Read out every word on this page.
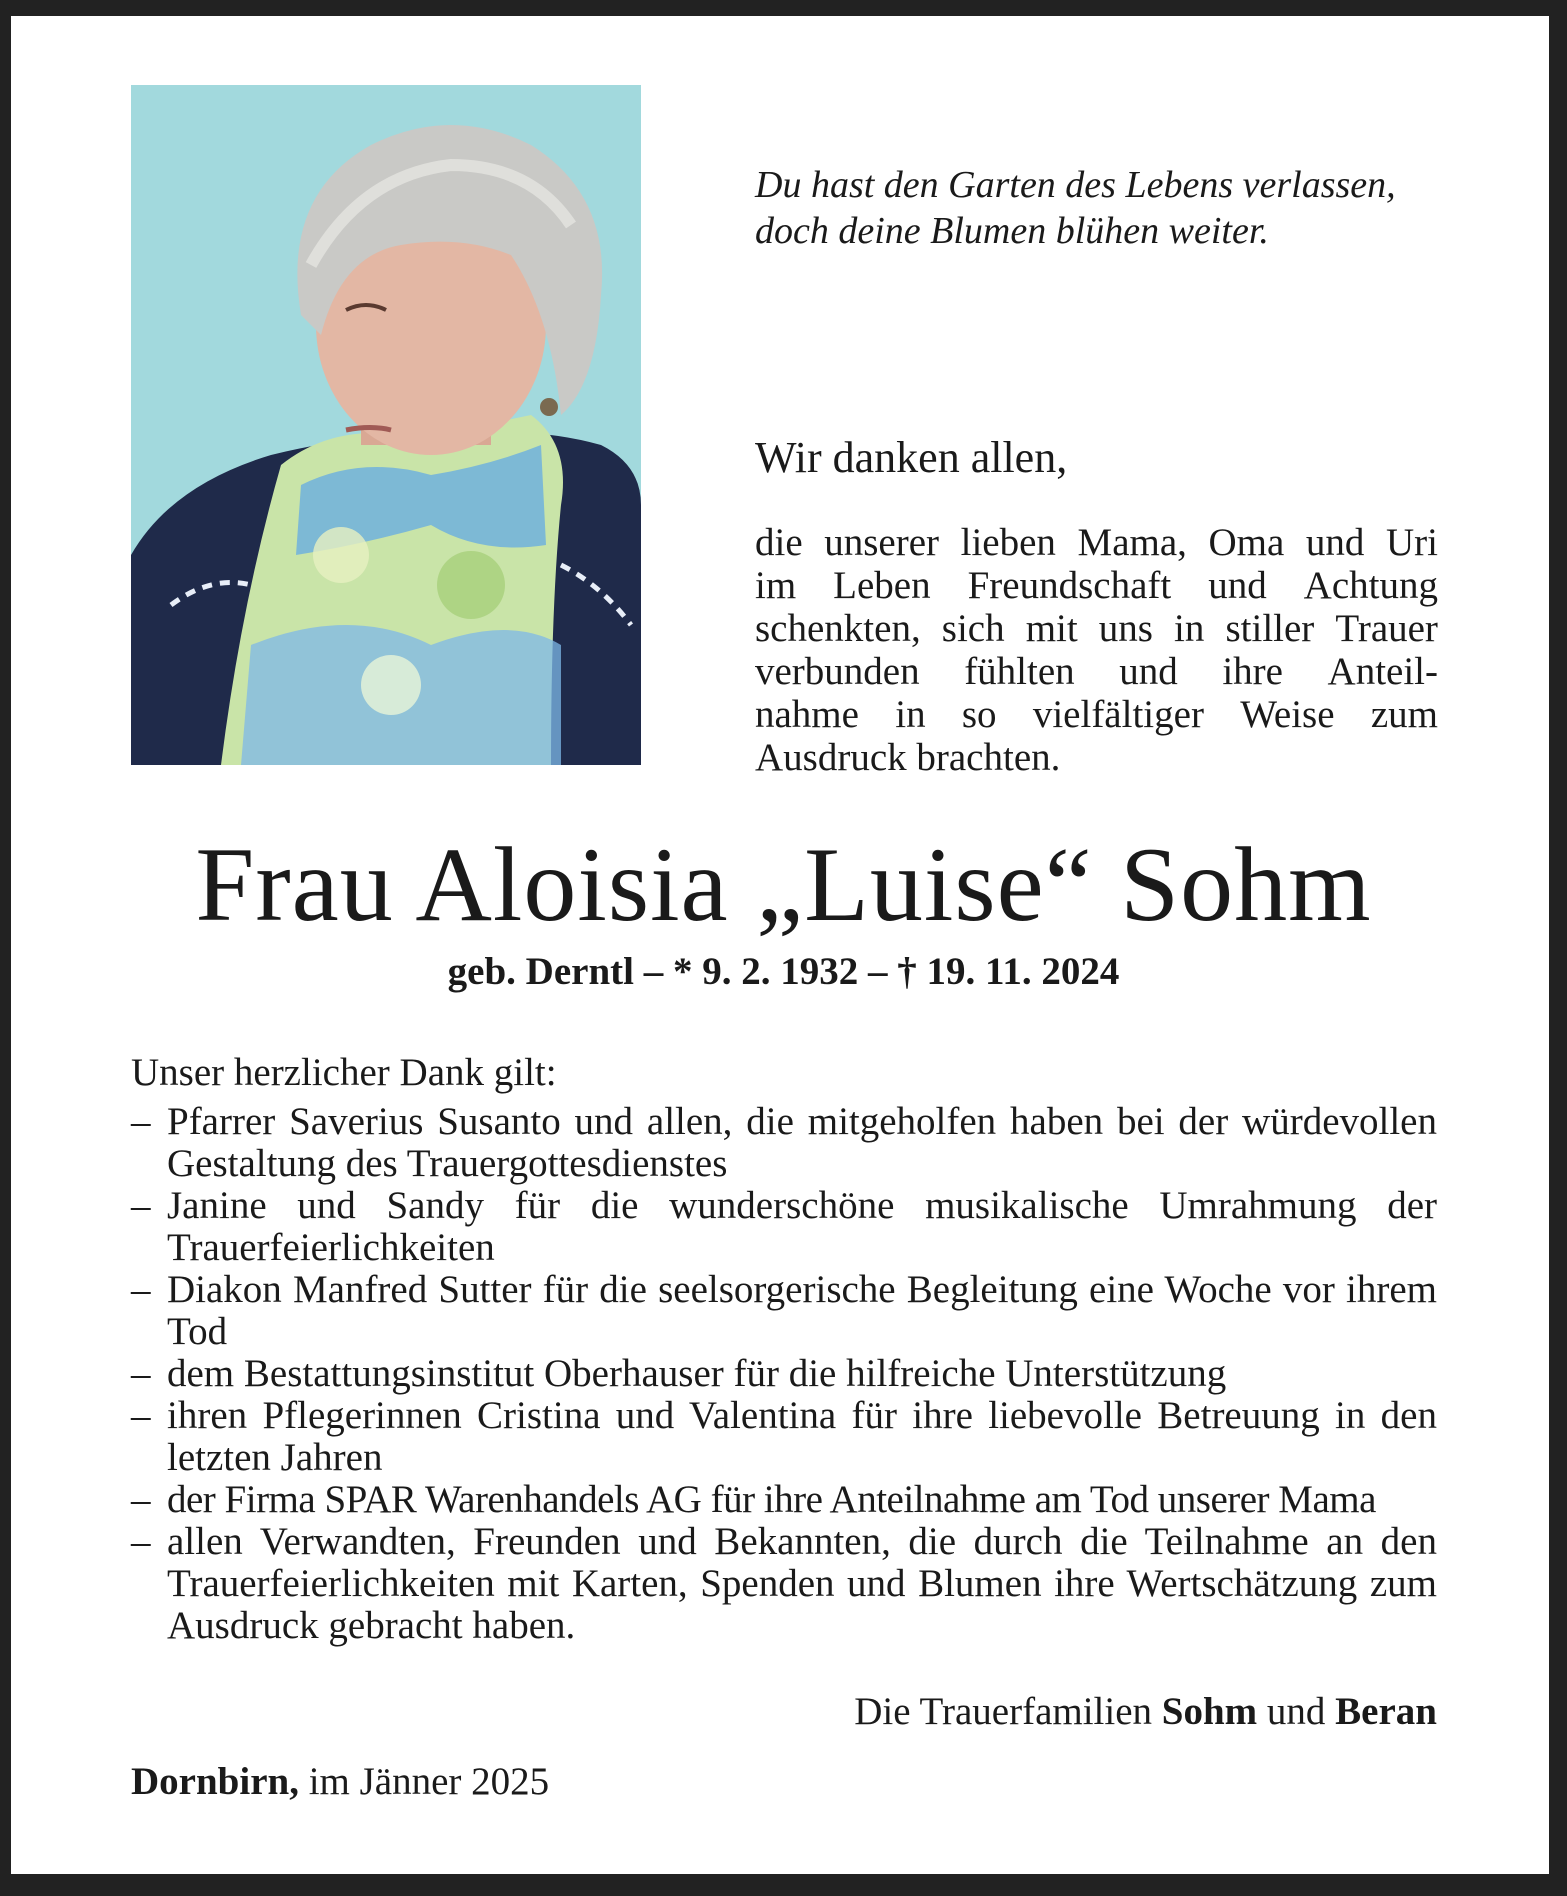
Du hast den Garten des Lebens verlassen,
doch deine Blumen blühen weiter.
Wir danken allen,
die unserer lieben Mama, Oma und Uri
im Leben Freundschaft und Achtung
schenkten, sich mit uns in stiller Trauer
verbunden fühlten und ihre Anteil-
nahme in so vielfältiger Weise zum
Ausdruck brachten.
Frau Aloisia „Luise“ Sohm
geb. Derntl – * 9. 2. 1932 – † 19. 11. 2024
Unser herzlicher Dank gilt:
– Pfarrer Saverius Susanto und allen, die mitgeholfen haben bei der würdevollen Gestaltung des Trauergottesdienstes
– Janine und Sandy für die wunderschöne musikalische Umrahmung der Trauerfeierlichkeiten
– Diakon Manfred Sutter für die seelsorgerische Begleitung eine Woche vor ihrem Tod
– dem Bestattungsinstitut Oberhauser für die hilfreiche Unterstützung
– ihren Pflegerinnen Cristina und Valentina für ihre liebevolle Betreuung in den letzten Jahren
– der Firma SPAR Warenhandels AG für ihre Anteilnahme am Tod unserer Mama
– allen Verwandten, Freunden und Bekannten, die durch die Teilnahme an den Trauerfeierlichkeiten mit Karten, Spenden und Blumen ihre Wertschätzung zum Ausdruck gebracht haben.
Die Trauerfamilien Sohm und Beran
Dornbirn, im Jänner 2025
